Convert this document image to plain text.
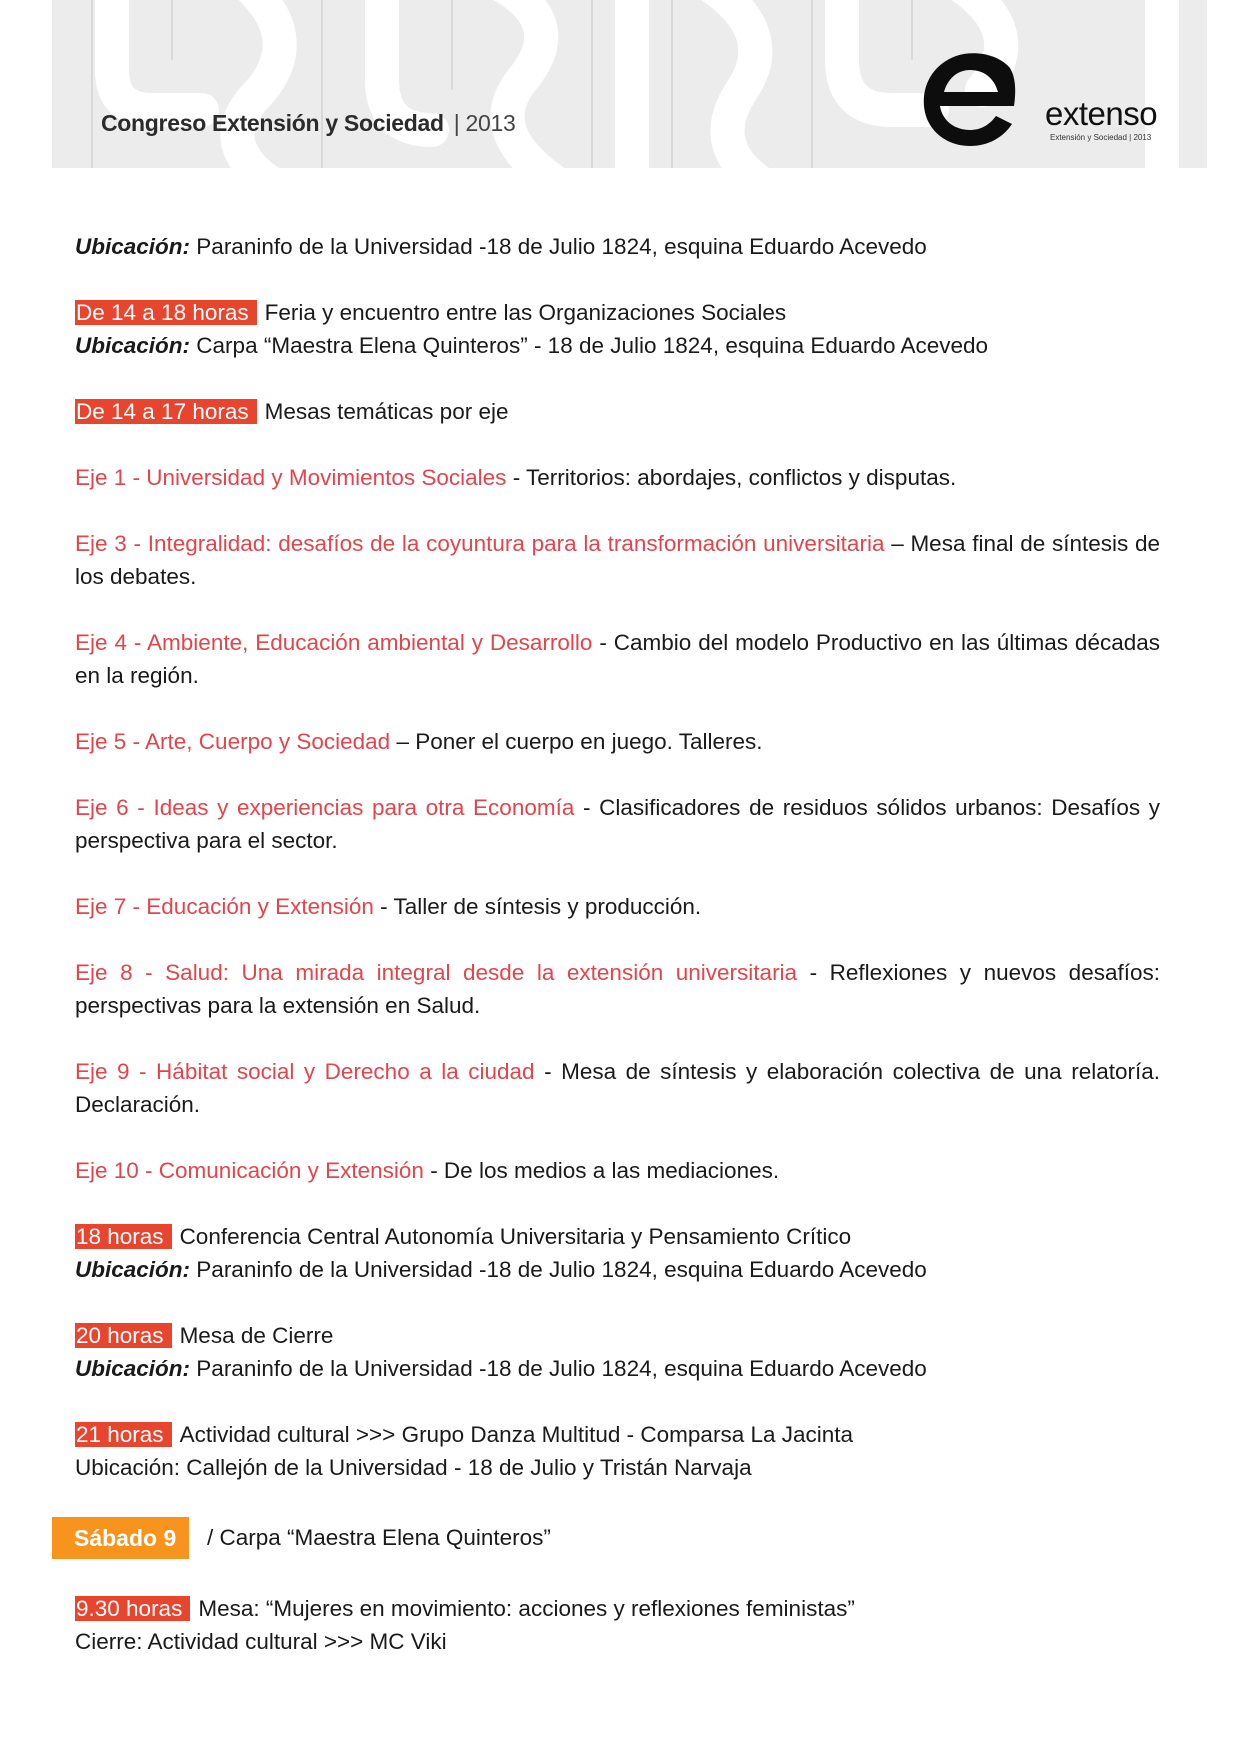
Congreso Extensión y Sociedad | 2013	extenso
Extensión y Sociedad | 2013

Ubicación: Paraninfo de la Universidad -18 de Julio 1824, esquina Eduardo Acevedo

De 14 a 18 horas Feria y encuentro entre las Organizaciones Sociales

Ubicación: Carpa “Maestra Elena Quinteros” - 18 de Julio 1824, esquina Eduardo Acevedo

De 14 a 17 horas Mesas temáticas por eje

Eje 1 - Universidad y Movimientos Sociales - Territorios: abordajes, conflictos y disputas.

Eje 3 - Integralidad: desafíos de la coyuntura para la transformación universitaria – Mesa final de síntesis de los debates.

Eje 4 - Ambiente, Educación ambiental y Desarrollo - Cambio del modelo Productivo en las últimas décadas en la región.

Eje 5 - Arte, Cuerpo y Sociedad – Poner el cuerpo en juego. Talleres.

Eje 6 - Ideas y experiencias para otra Economía - Clasificadores de residuos sólidos urbanos: Desafíos y perspectiva para el sector.

Eje 7 - Educación y Extensión - Taller de síntesis y producción.

Eje 8 - Salud: Una mirada integral desde la extensión universitaria - Reflexiones y nuevos desafíos: perspectivas para la extensión en Salud.

Eje 9 - Hábitat social y Derecho a la ciudad - Mesa de síntesis y elaboración colectiva de una relatoría. Declaración.

Eje 10 - Comunicación y Extensión - De los medios a las mediaciones.

18 horas Conferencia Central Autonomía Universitaria y Pensamiento Crítico

Ubicación: Paraninfo de la Universidad -18 de Julio 1824, esquina Eduardo Acevedo

20 horas Mesa de Cierre

Ubicación: Paraninfo de la Universidad -18 de Julio 1824, esquina Eduardo Acevedo

21 horas Actividad cultural >>> Grupo Danza Multitud - Comparsa La Jacinta

Ubicación: Callejón de la Universidad - 18 de Julio y Tristán Narvaja

Sábado 9	/ Carpa “Maestra Elena Quinteros”

9.30 horas Mesa: “Mujeres en movimiento: acciones y reflexiones feministas”

Cierre: Actividad cultural >>> MC Viki
